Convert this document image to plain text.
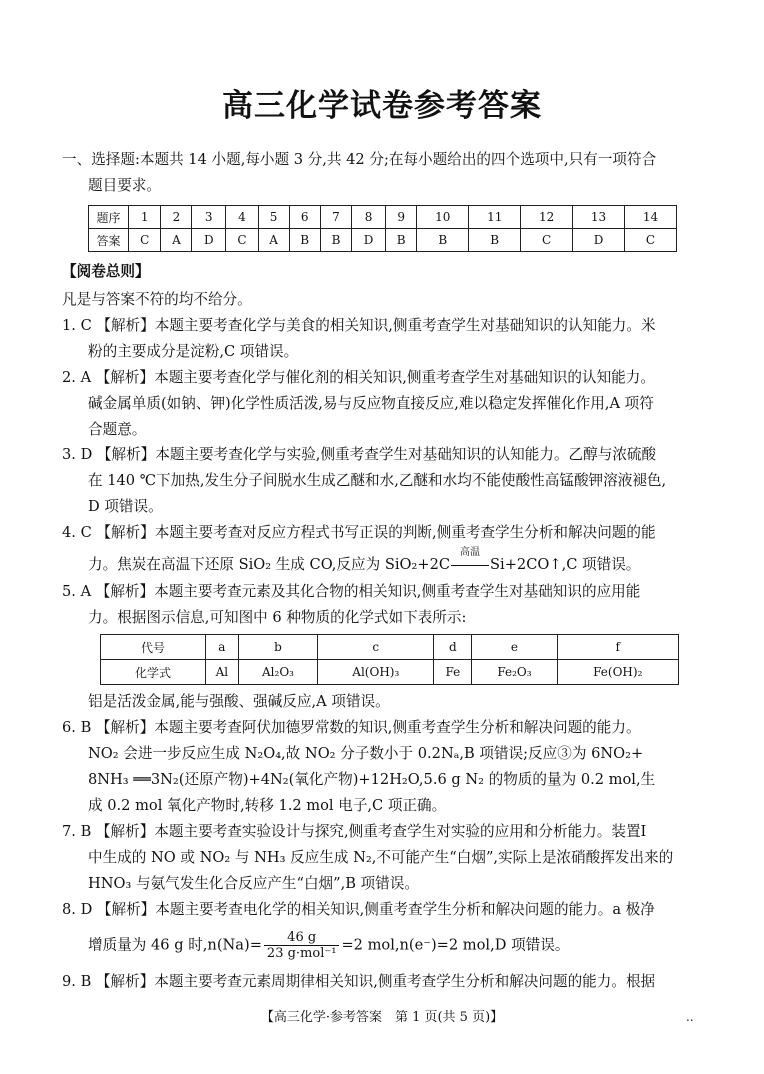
高三化学试卷参考答案
一、选择题:本题共 14 小题,每小题 3 分,共 42 分;在每小题给出的四个选项中,只有一项符合
题目要求。
题序	1	2	3	4	5	6	7	8	9	10	11	12	13	14
答案	C	A	D	C	A	B	B	D	B	B	B	C	D	C
【阅卷总则】
凡是与答案不符的均不给分。
1. C 【解析】本题主要考查化学与美食的相关知识,侧重考查学生对基础知识的认知能力。米
粉的主要成分是淀粉,C 项错误。
2. A 【解析】本题主要考查化学与催化剂的相关知识,侧重考查学生对基础知识的认知能力。
碱金属单质(如钠、钾)化学性质活泼,易与反应物直接反应,难以稳定发挥催化作用,A 项符
合题意。
3. D 【解析】本题主要考查化学与实验,侧重考查学生对基础知识的认知能力。乙醇与浓硫酸
在 140 ℃下加热,发生分子间脱水生成乙醚和水,乙醚和水均不能使酸性高锰酸钾溶液褪色,
D 项错误。
4. C 【解析】本题主要考查对反应方程式书写正误的判断,侧重考查学生分析和解决问题的能
力。焦炭在高温下还原 SiO₂ 生成 CO,反应为 SiO₂+2C
高温
Si+2CO↑,C 项错误。
5. A 【解析】本题主要考查元素及其化合物的相关知识,侧重考查学生对基础知识的应用能
力。根据图示信息,可知图中 6 种物质的化学式如下表所示:
代号	a	b	c	d	e	f
化学式	Al	Al₂O₃	Al(OH)₃	Fe	Fe₂O₃	Fe(OH)₂
铝是活泼金属,能与强酸、强碱反应,A 项错误。
6. B 【解析】本题主要考查阿伏加德罗常数的知识,侧重考查学生分析和解决问题的能力。
NO₂ 会进一步反应生成 N₂O₄,故 NO₂ 分子数小于 0.2Nₐ,B 项错误;反应③为 6NO₂+
8NH₃ ══3N₂(还原产物)+4N₂(氧化产物)+12H₂O,5.6 g N₂ 的物质的量为 0.2 mol,生
成 0.2 mol 氧化产物时,转移 1.2 mol 电子,C 项正确。
7. B 【解析】本题主要考查实验设计与探究,侧重考查学生对实验的应用和分析能力。装置Ⅰ
中生成的 NO 或 NO₂ 与 NH₃ 反应生成 N₂,不可能产生“白烟”,实际上是浓硝酸挥发出来的
HNO₃ 与氨气发生化合反应产生“白烟”,B 项错误。
8. D 【解析】本题主要考查电化学的相关知识,侧重考查学生分析和解决问题的能力。a 极净
增质量为 46 g 时$,n(Na)= \frac{46 g}{\text{23 g·mol⁻¹}} =2$ mol,n(e⁻)=2 mol,D 项错误。
9. B 【解析】本题主要考查元素周期律相关知识,侧重考查学生分析和解决问题的能力。根据
【高三化学·参考答案　第 1 页(共 5 页)】	..
